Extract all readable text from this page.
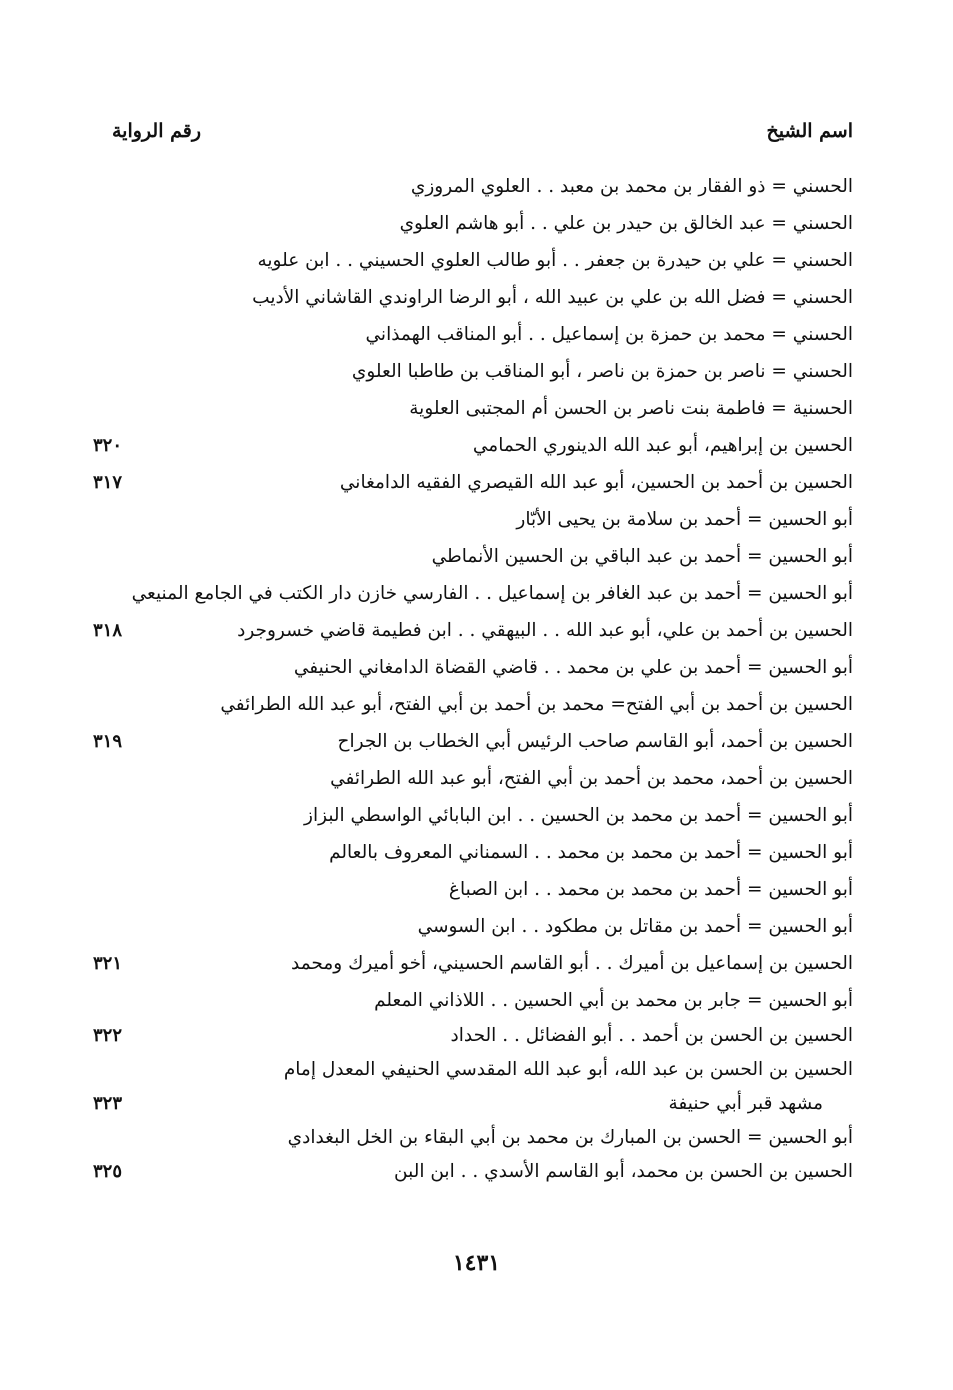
اسم الشيخ
رقم الرواية
الحسني = ذو الفقار بن محمد بن معبد . . العلوي المروزي
الحسني = عبد الخالق بن حيدر بن علي . . أبو هاشم العلوي
الحسني = علي بن حيدرة بن جعفر . . أبو طالب العلوي الحسيني . . ابن علويه
الحسني = فضل الله بن علي بن عبيد الله ، أبو الرضا الراوندي القاشاني الأديب
الحسني = محمد بن حمزة بن إسماعيل . . أبو المناقب الهمذاني
الحسني = ناصر بن حمزة بن ناصر ، أبو المناقب بن طاطبا العلوي
الحسنية = فاطمة بنت ناصر بن الحسن أم المجتبى العلوية
الحسين بن إبراهيم، أبو عبد الله الدينوري الحمامي
٣٢٠
الحسين بن أحمد بن الحسين، أبو عبد الله القيصري الفقيه الدامغاني
٣١٧
أبو الحسين = أحمد بن سلامة بن يحيى الأبّار
أبو الحسين = أحمد بن عبد الباقي بن الحسين الأنماطي
أبو الحسين = أحمد بن عبد الغافر بن إسماعيل . . الفارسي خازن دار الكتب في الجامع المنيعي
الحسين بن أحمد بن علي، أبو عبد الله . . البيهقي . . ابن فطيمة قاضي خسروجرد
٣١٨
أبو الحسين = أحمد بن علي بن محمد . . قاضي القضاة الدامغاني الحنيفي
الحسين بن أحمد بن أبي الفتح= محمد بن أحمد بن أبي الفتح، أبو عبد الله الطرائفي
الحسين بن أحمد، أبو القاسم صاحب الرئيس أبي الخطاب بن الجراح
٣١٩
الحسين بن أحمد، محمد بن أحمد بن أبي الفتح، أبو عبد الله الطرائفي
أبو الحسين = أحمد بن محمد بن الحسين . . ابن البابائي الواسطي البزاز
أبو الحسين = أحمد بن محمد بن محمد . . السمناني المعروف بالعالم
أبو الحسين = أحمد بن محمد بن محمد . . ابن الصباغ
أبو الحسين = أحمد بن مقاتل بن مطكود . . ابن السوسي
الحسين بن إسماعيل بن أميرك . . أبو القاسم الحسيني، أخو أميرك ومحمد
٣٢١
أبو الحسين = جابر بن محمد بن أبي الحسين . . اللاذاني المعلم
الحسين بن الحسن بن أحمد . . أبو الفضائل . . الحداد
٣٢٢
الحسين بن الحسن بن عبد الله، أبو عبد الله المقدسي الحنيفي المعدل إمام
مشهد قبر أبي حنيفة
٣٢٣
أبو الحسين = الحسن بن المبارك بن محمد بن أبي البقاء بن الخل البغدادي
الحسين بن الحسن بن محمد، أبو القاسم الأسدي . . ابن البن
٣٢٥
١٤٣١
